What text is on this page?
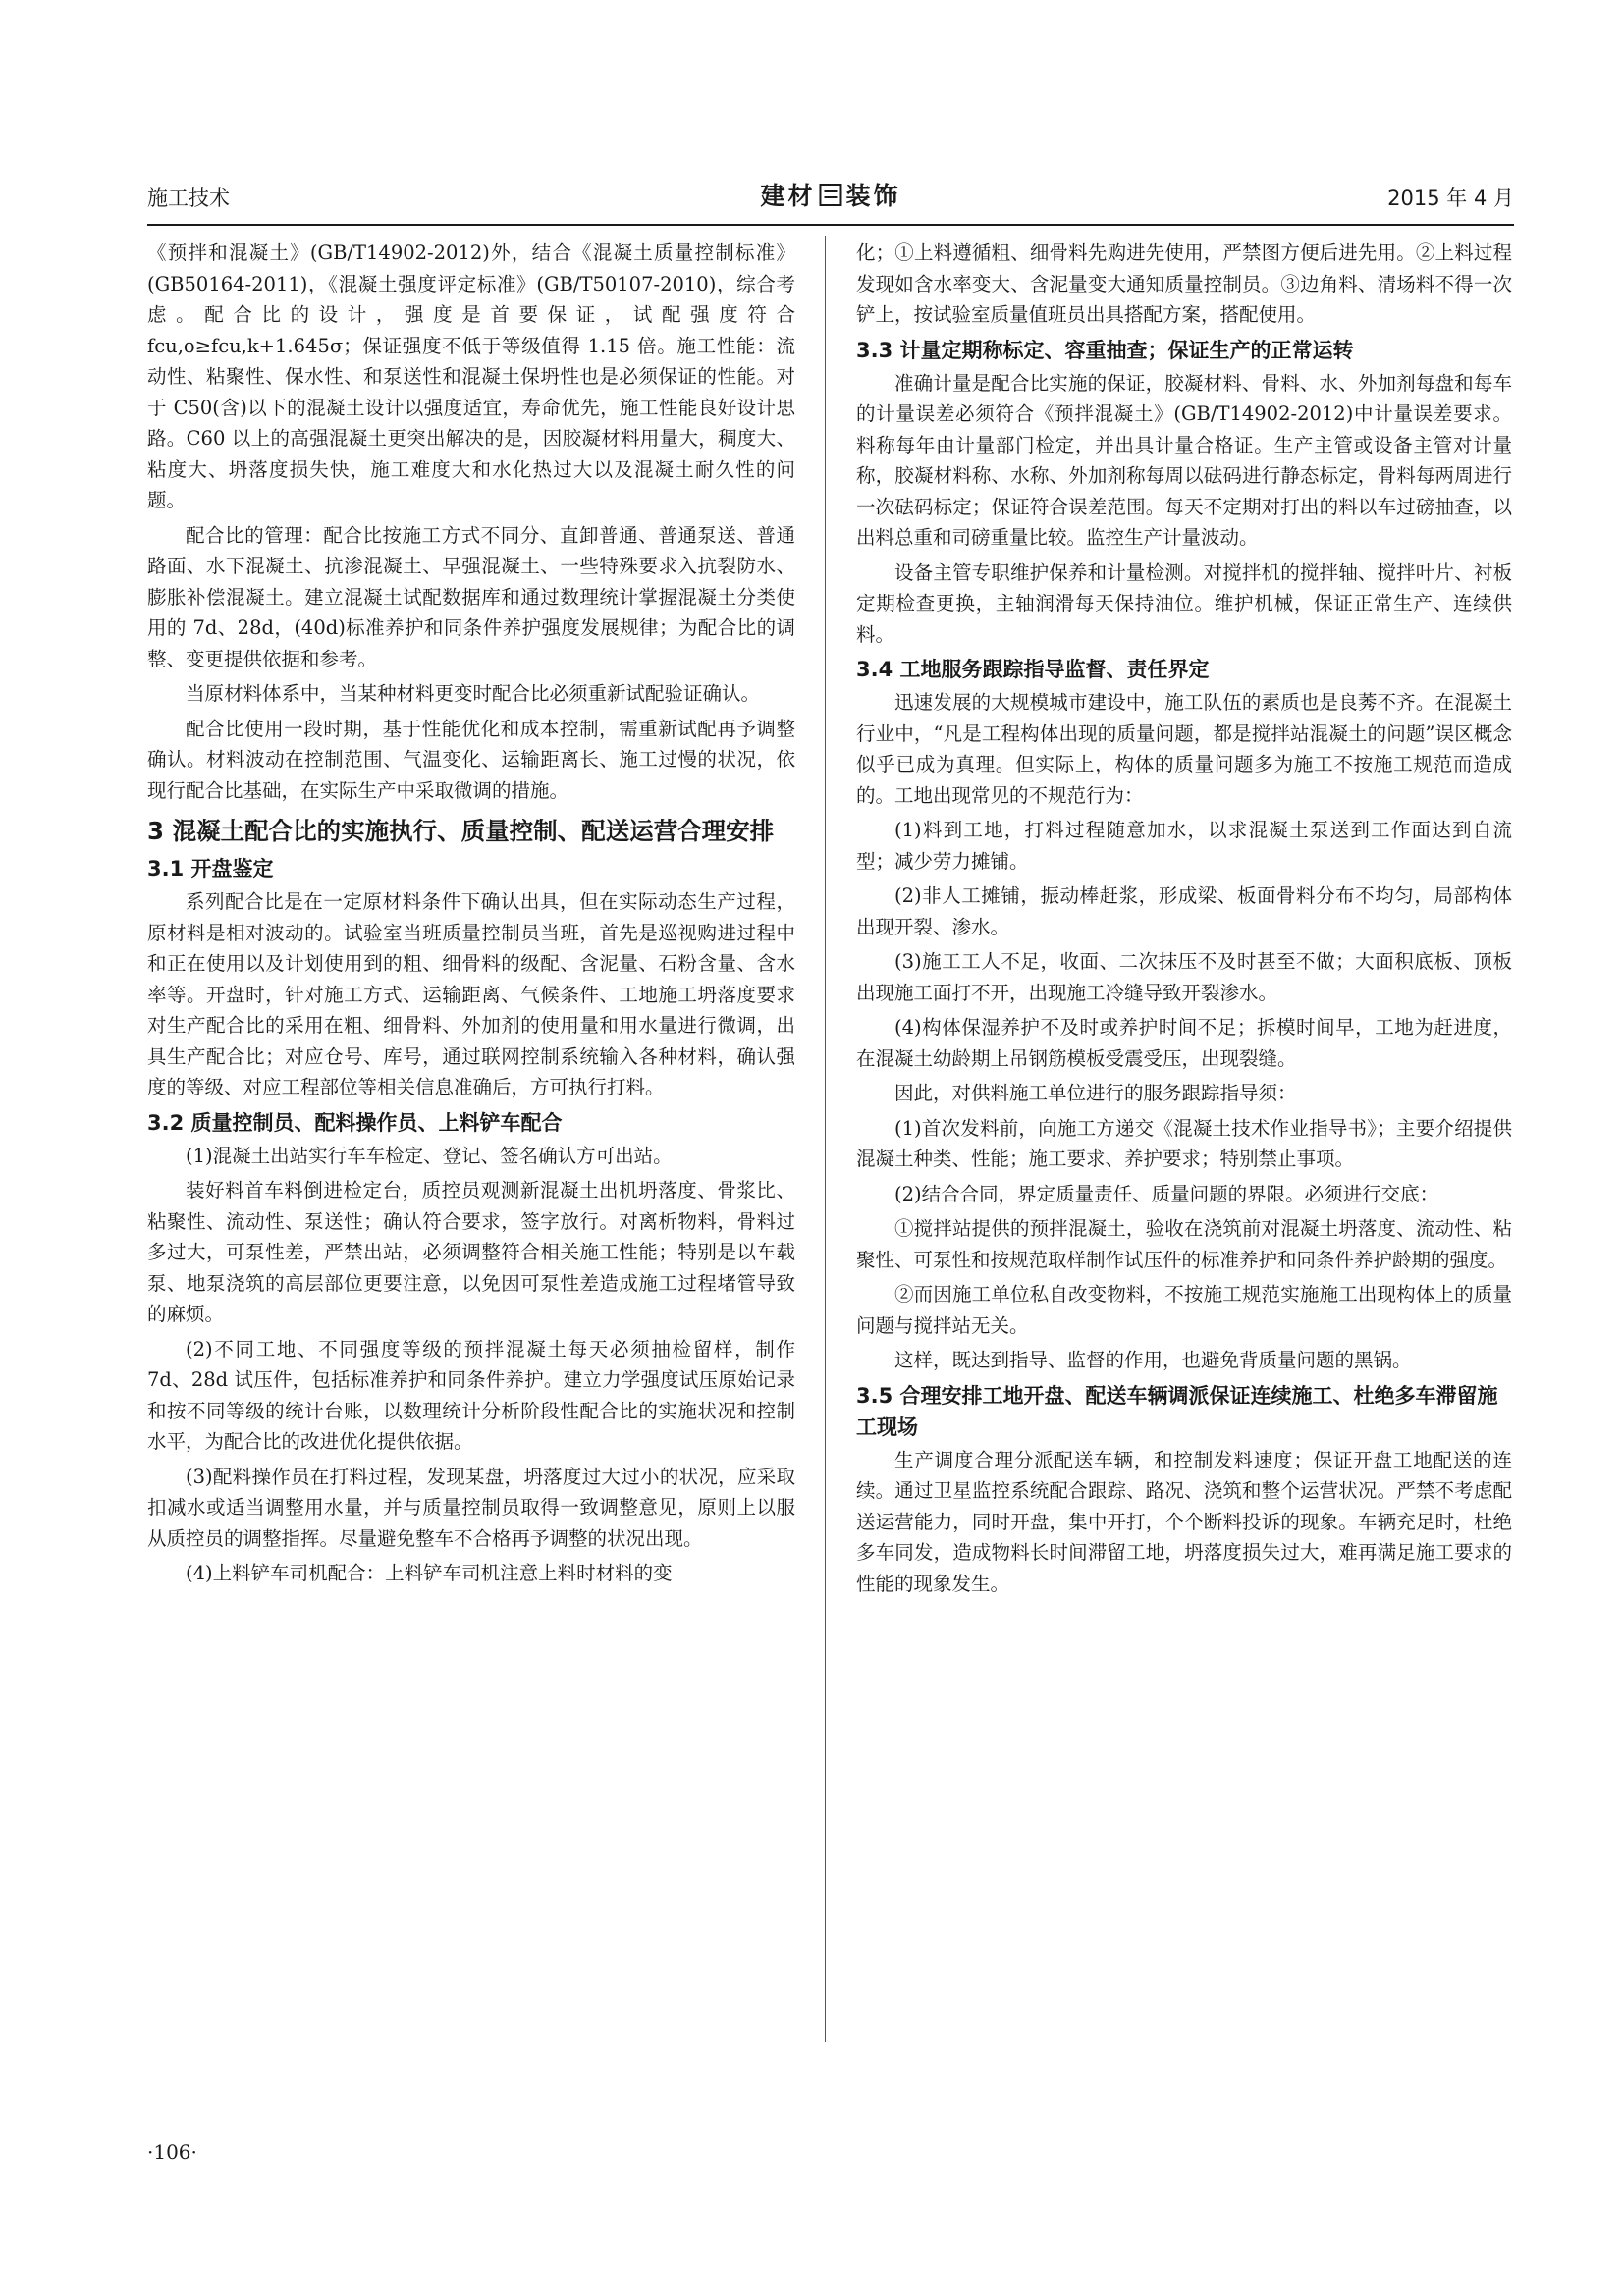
施工技术	建材 装饰	2015 年 4 月

《预拌和混凝土》(GB/T14902-2012)外，结合《混凝土质量控制标准》(GB50164-2011)，《混凝土强度评定标准》(GB/T50107-2010)，综合考虑。配合比的设计，强度是首要保证，试配强度符合 fcu,o≥fcu,k+1.645σ；保证强度不低于等级值得 1.15 倍。施工性能：流动性、粘聚性、保水性、和泵送性和混凝土保坍性也是必须保证的性能。对于 C50(含)以下的混凝土设计以强度适宜，寿命优先，施工性能良好设计思路。C60 以上的高强混凝土更突出解决的是，因胶凝材料用量大，稠度大、粘度大、坍落度损失快，施工难度大和水化热过大以及混凝土耐久性的问题。

配合比的管理：配合比按施工方式不同分、直卸普通、普通泵送、普通路面、水下混凝土、抗渗混凝土、早强混凝土、一些特殊要求入抗裂防水、膨胀补偿混凝土。建立混凝土试配数据库和通过数理统计掌握混凝土分类使用的 7d、28d，(40d)标准养护和同条件养护强度发展规律；为配合比的调整、变更提供依据和参考。

当原材料体系中，当某种材料更变时配合比必须重新试配验证确认。

配合比使用一段时期，基于性能优化和成本控制，需重新试配再予调整确认。材料波动在控制范围、气温变化、运输距离长、施工过慢的状况，依现行配合比基础，在实际生产中采取微调的措施。

3 混凝土配合比的实施执行、质量控制、配送运营合理安排
3.1 开盘鉴定

系列配合比是在一定原材料条件下确认出具，但在实际动态生产过程，原材料是相对波动的。试验室当班质量控制员当班，首先是巡视购进过程中和正在使用以及计划使用到的粗、细骨料的级配、含泥量、石粉含量、含水率等。开盘时，针对施工方式、运输距离、气候条件、工地施工坍落度要求对生产配合比的采用在粗、细骨料、外加剂的使用量和用水量进行微调，出具生产配合比；对应仓号、库号，通过联网控制系统输入各种材料，确认强度的等级、对应工程部位等相关信息准确后，方可执行打料。

3.2 质量控制员、配料操作员、上料铲车配合

(1)混凝土出站实行车车检定、登记、签名确认方可出站。

装好料首车料倒进检定台，质控员观测新混凝土出机坍落度、骨浆比、粘聚性、流动性、泵送性；确认符合要求，签字放行。对离析物料，骨料过多过大，可泵性差，严禁出站，必须调整符合相关施工性能；特别是以车载泵、地泵浇筑的高层部位更要注意，以免因可泵性差造成施工过程堵管导致的麻烦。

(2)不同工地、不同强度等级的预拌混凝土每天必须抽检留样，制作 7d、28d 试压件，包括标准养护和同条件养护。建立力学强度试压原始记录和按不同等级的统计台账，以数理统计分析阶段性配合比的实施状况和控制水平，为配合比的改进优化提供依据。

(3)配料操作员在打料过程，发现某盘，坍落度过大过小的状况，应采取扣减水或适当调整用水量，并与质量控制员取得一致调整意见，原则上以服从质控员的调整指挥。尽量避免整车不合格再予调整的状况出现。

(4)上料铲车司机配合：上料铲车司机注意上料时材料的变

化；①上料遵循粗、细骨料先购进先使用，严禁图方便后进先用。②上料过程发现如含水率变大、含泥量变大通知质量控制员。③边角料、清场料不得一次铲上，按试验室质量值班员出具搭配方案，搭配使用。

3.3 计量定期称标定、容重抽查；保证生产的正常运转

准确计量是配合比实施的保证，胶凝材料、骨料、水、外加剂每盘和每车的计量误差必须符合《预拌混凝土》(GB/T14902-2012)中计量误差要求。料称每年由计量部门检定，并出具计量合格证。生产主管或设备主管对计量称，胶凝材料称、水称、外加剂称每周以砝码进行静态标定，骨料每两周进行一次砝码标定；保证符合误差范围。每天不定期对打出的料以车过磅抽查，以出料总重和司磅重量比较。监控生产计量波动。

设备主管专职维护保养和计量检测。对搅拌机的搅拌轴、搅拌叶片、衬板定期检查更换，主轴润滑每天保持油位。维护机械，保证正常生产、连续供料。

3.4 工地服务跟踪指导监督、责任界定

迅速发展的大规模城市建设中，施工队伍的素质也是良莠不齐。在混凝土行业中，“凡是工程构体出现的质量问题，都是搅拌站混凝土的问题”误区概念似乎已成为真理。但实际上，构体的质量问题多为施工不按施工规范而造成的。工地出现常见的不规范行为：

(1)料到工地，打料过程随意加水，以求混凝土泵送到工作面达到自流型；减少劳力摊铺。

(2)非人工摊铺，振动棒赶浆，形成梁、板面骨料分布不均匀，局部构体出现开裂、渗水。

(3)施工工人不足，收面、二次抹压不及时甚至不做；大面积底板、顶板出现施工面打不开，出现施工冷缝导致开裂渗水。

(4)构体保湿养护不及时或养护时间不足；拆模时间早，工地为赶进度，在混凝土幼龄期上吊钢筋模板受震受压，出现裂缝。

因此，对供料施工单位进行的服务跟踪指导须：

(1)首次发料前，向施工方递交《混凝土技术作业指导书》；主要介绍提供混凝土种类、性能；施工要求、养护要求；特别禁止事项。

(2)结合合同，界定质量责任、质量问题的界限。必须进行交底：

①搅拌站提供的预拌混凝土，验收在浇筑前对混凝土坍落度、流动性、粘聚性、可泵性和按规范取样制作试压件的标准养护和同条件养护龄期的强度。

②而因施工单位私自改变物料，不按施工规范实施施工出现构体上的质量问题与搅拌站无关。

这样，既达到指导、监督的作用，也避免背质量问题的黑锅。

3.5 合理安排工地开盘、配送车辆调派保证连续施工、杜绝多车滞留施工现场

生产调度合理分派配送车辆，和控制发料速度；保证开盘工地配送的连续。通过卫星监控系统配合跟踪、路况、浇筑和整个运营状况。严禁不考虑配送运营能力，同时开盘，集中开打，个个断料投诉的现象。车辆充足时，杜绝多车同发，造成物料长时间滞留工地，坍落度损失过大，难再满足施工要求的性能的现象发生。

·106·
